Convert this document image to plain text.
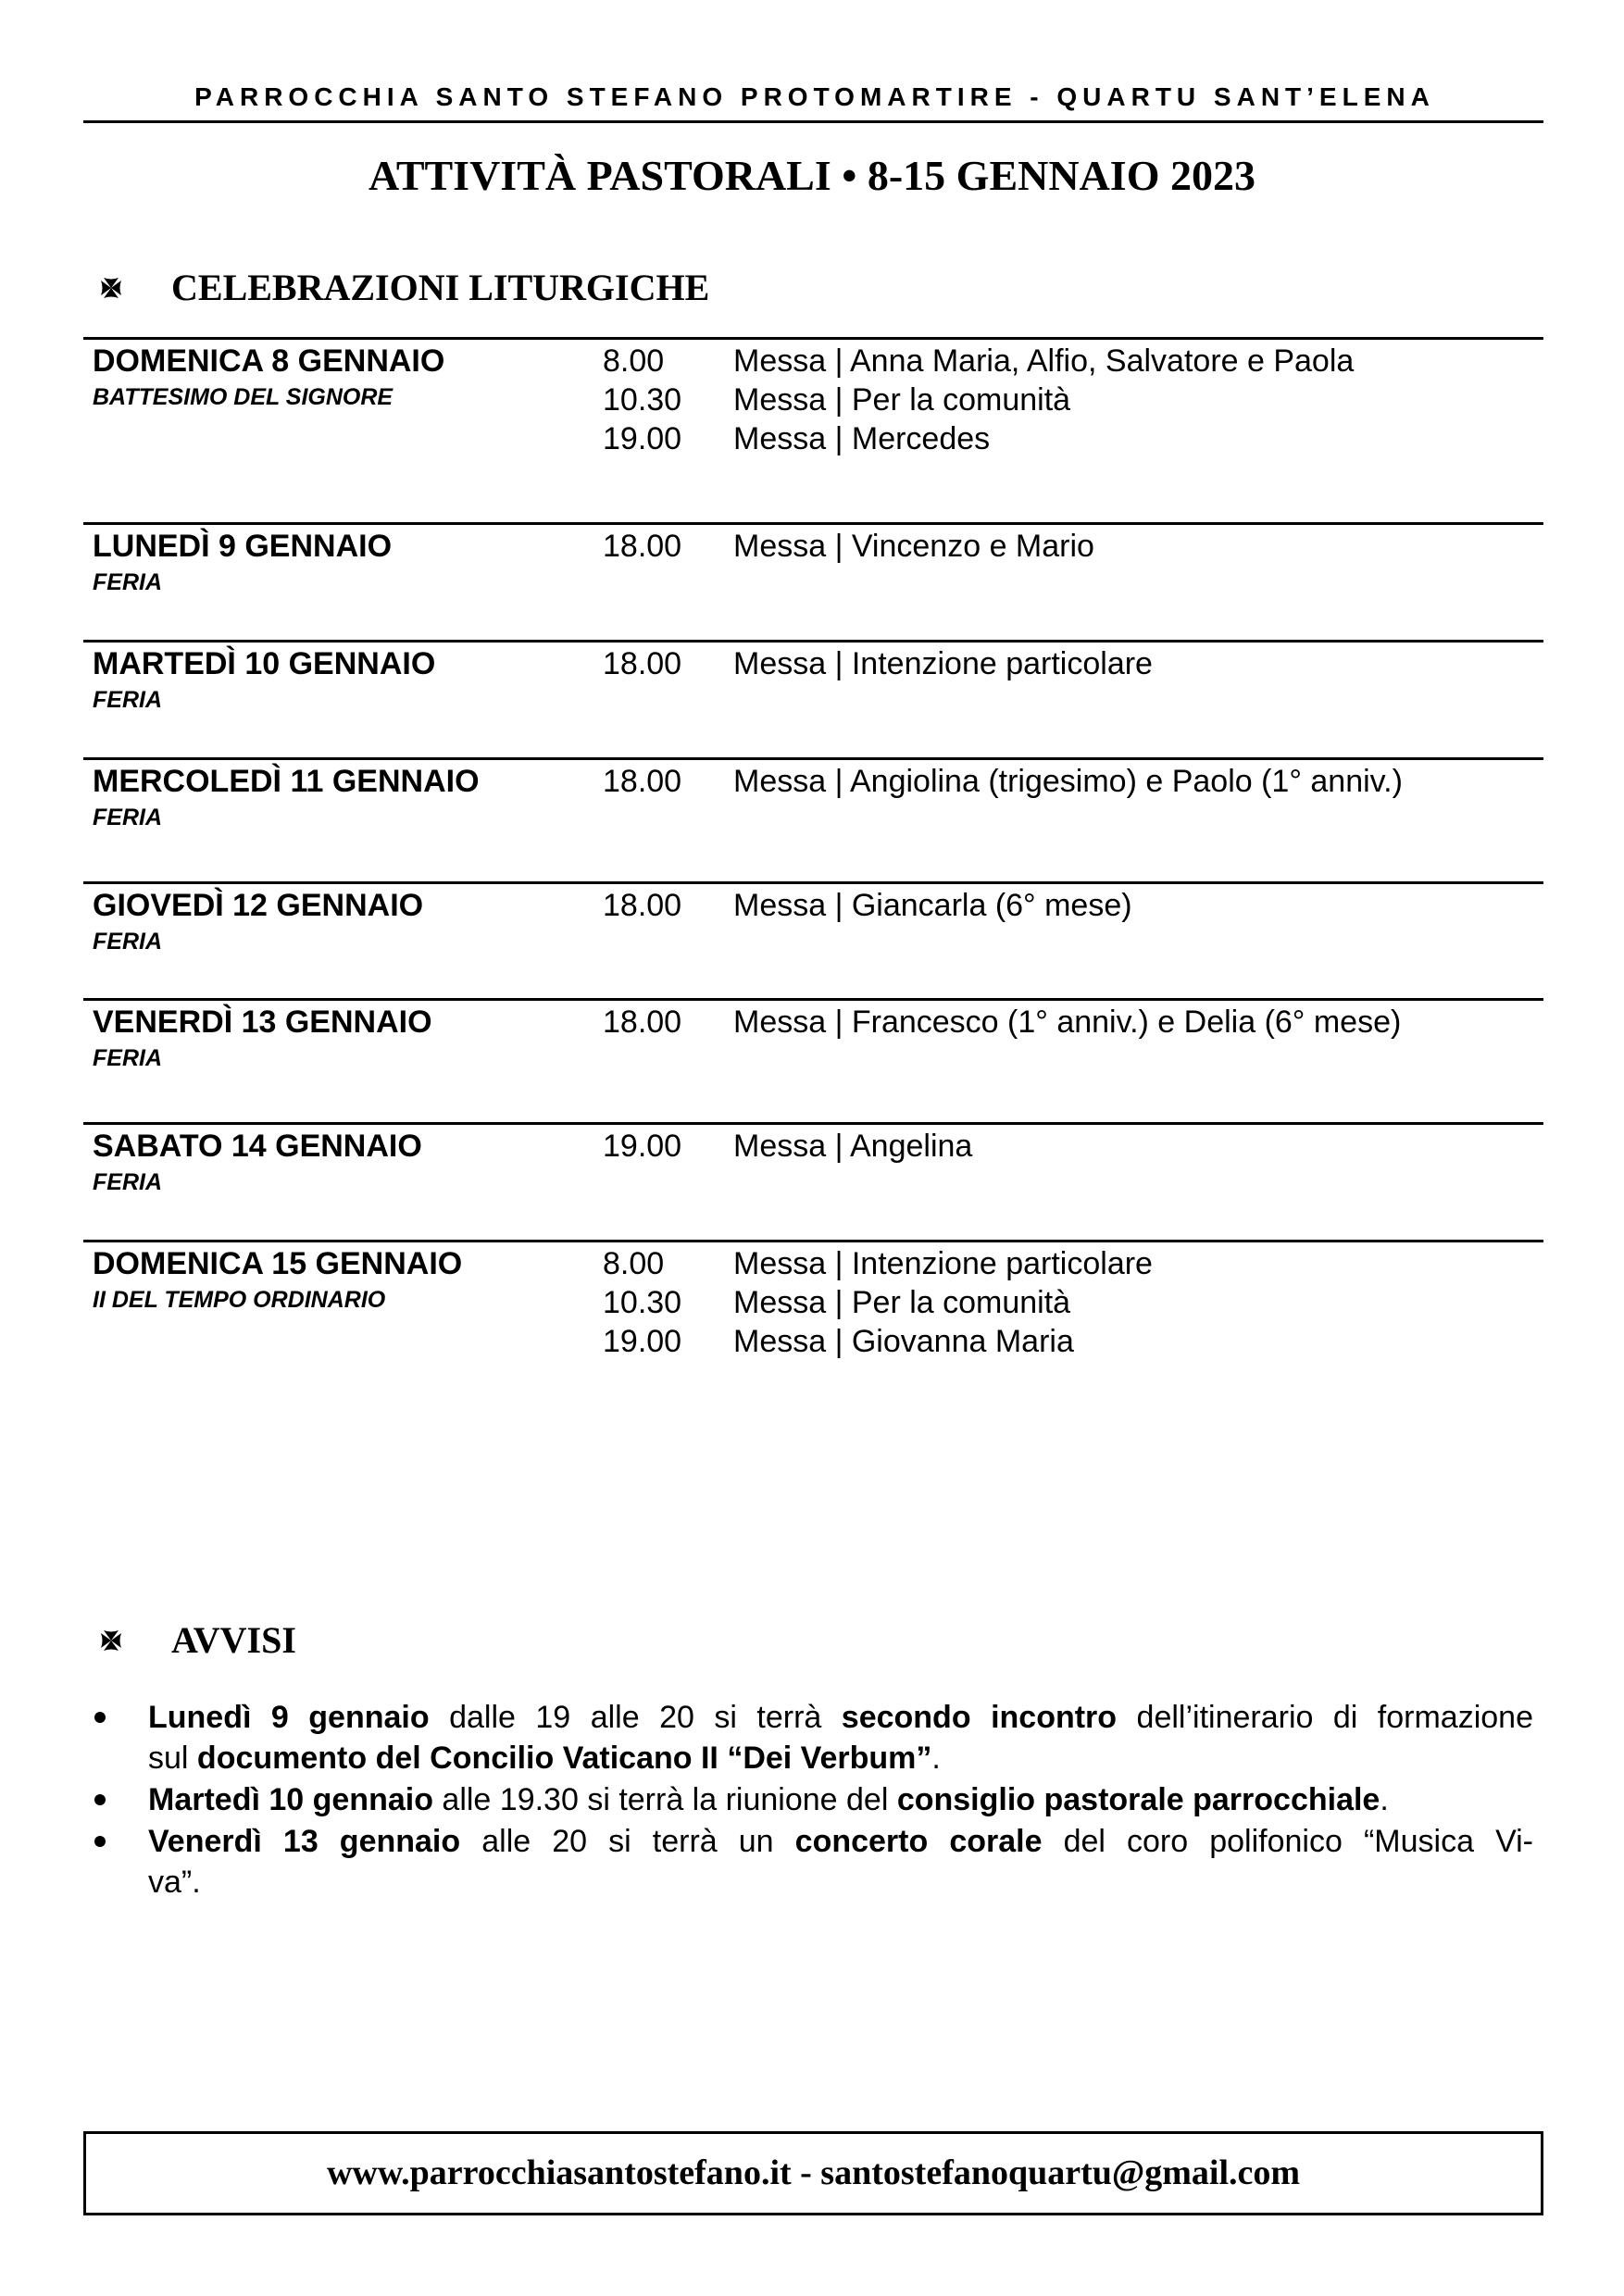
PARROCCHIA SANTO STEFANO PROTOMARTIRE - QUARTU SANT’ELENA
ATTIVITÀ PASTORALI • 8-15 GENNAIO 2023
CELEBRAZIONI LITURGICHE
DOMENICA 8 GENNAIO
BATTESIMO DEL SIGNORE
8.00	Messa | Anna Maria, Alfio, Salvatore e Paola
10.30	Messa | Per la comunità
19.00	Messa | Mercedes
LUNEDÌ 9 GENNAIO
FERIA
18.00	Messa | Vincenzo e Mario
MARTEDÌ 10 GENNAIO
FERIA
18.00	Messa | Intenzione particolare
MERCOLEDÌ 11 GENNAIO
FERIA
18.00	Messa | Angiolina (trigesimo) e Paolo (1° anniv.)
GIOVEDÌ 12 GENNAIO
FERIA
18.00	Messa | Giancarla (6° mese)
VENERDÌ 13 GENNAIO
FERIA
18.00	Messa | Francesco (1° anniv.) e Delia (6° mese)
SABATO 14 GENNAIO
FERIA
19.00	Messa | Angelina
DOMENICA 15 GENNAIO
II DEL TEMPO ORDINARIO
8.00	Messa | Intenzione particolare
10.30	Messa | Per la comunità
19.00	Messa | Giovanna Maria
AVVISI
Lunedì 9 gennaio dalle 19 alle 20 si terrà secondo incontro dell’itinerario di formazione
sul documento del Concilio Vaticano II “Dei Verbum”.
Martedì 10 gennaio alle 19.30 si terrà la riunione del consiglio pastorale parrocchiale.
Venerdì 13 gennaio alle 20 si terrà un concerto corale del coro polifonico “Musica Vi-
va”.
www.parrocchiasantostefano.it - santostefanoquartu@gmail.com
